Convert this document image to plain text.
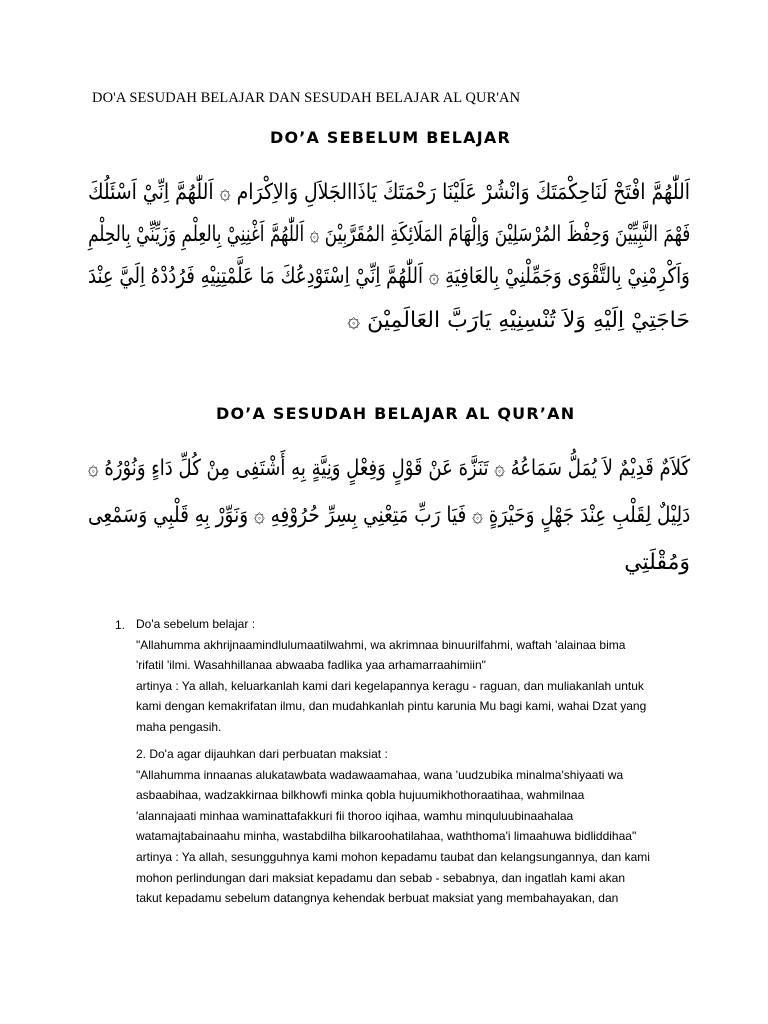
DO'A SESUDAH BELAJAR DAN SESUDAH BELAJAR AL QUR'AN
DO’A SEBELUM BELAJAR
اَللّٰهُمَّ افْتَحْ لَنَاحِكْمَتَكَ وَانْشُرْ عَلَيْنَا رَحْمَتَكَ يَاذَاالجَلاَلِ وَالاِكْرَام ۞ اَللّٰهُمَّ اِنِّيْ اَسْئَلُكَ
فَهْمَ النَّبِيِّيْنَ وَحِفْظَ المُرْسَلِيْنَ وَاِلْهَامَ المَلَائِكَةِ المُقَرَّبِيْنَ ۞ اَللّٰهُمَّ اَغْنِنِيْ بِالعِلْمِ وَزَيِّنِّيْ بِالحِلْمِ
وَاَكْرِمْنِيْ بِالتَّقْوَى وَجَمِّلْنِيْ بِالعَافِيَةِ ۞ اَللّٰهُمَّ اِنِّيْ اِسْتَوْدِعُكَ مَا عَلَّمْتِنِيْهِ فَرُدُدْهُ اِلَيَّ عِنْدَ
حَاجَتِيْ اِلَيْهِ وَلاَ تُنْسِنِيْهِ يَارَبَّ العَالَمِيْنَ ۞
DO’A SESUDAH BELAJAR AL QUR’AN
كَلاَمٌ قَدِيْمٌ لاَ يُمَلُّ سَمَاعُهُ ۞ تَنَزَّهَ عَنْ قَوْلٍ وَفِعْلٍ وَنِيَّةٍ بِهِ أَشْتَفِى مِنْ كُلِّ دَاءٍ وَنُوْرُهُ ۞
دَلِيْلٌ لِقَلْبِ عِنْدَ جَهْلٍ وَحَيْرَةٍ ۞ فَيَا رَبِّ مَتِعْنِي بِسِرِّ حُرُوْفِهِ ۞ وَنَوِّرْ بِهِ قَلْبِي وَسَمْعِى
وَمُقْلَتِي
1. Do'a sebelum belajar :
"Allahumma akhrijnaamindlulumaatilwahmi, wa akrimnaa binuurilfahmi, waftah 'alainaa bima
'rifatil 'ilmi. Wasahhillanaa abwaaba fadlika yaa arhamarraahimiin"
artinya : Ya allah, keluarkanlah kami dari kegelapannya keragu - raguan, dan muliakanlah untuk
kami dengan kemakrifatan ilmu, dan mudahkanlah pintu karunia Mu bagi kami, wahai Dzat yang
maha pengasih.
2. Do'a agar dijauhkan dari perbuatan maksiat :
"Allahumma innaanas alukatawbata wadawaamahaa, wana 'uudzubika minalma'shiyaati wa
asbaabihaa, wadzakkirnaa bilkhowfi minka qobla hujuumikhothoraatihaa, wahmilnaa
'alannajaati minhaa waminattafakkuri fii thoroo iqihaa, wamhu minquluubinaahalaa
watamajtabainaahu minha, wastabdilha bilkaroohatilahaa, waththoma'i limaahuwa bidliddihaa"
artinya : Ya allah, sesungguhnya kami mohon kepadamu taubat dan kelangsungannya, dan kami
mohon perlindungan dari maksiat kepadamu dan sebab - sebabnya, dan ingatlah kami akan
takut kepadamu sebelum datangnya kehendak berbuat maksiat yang membahayakan, dan
